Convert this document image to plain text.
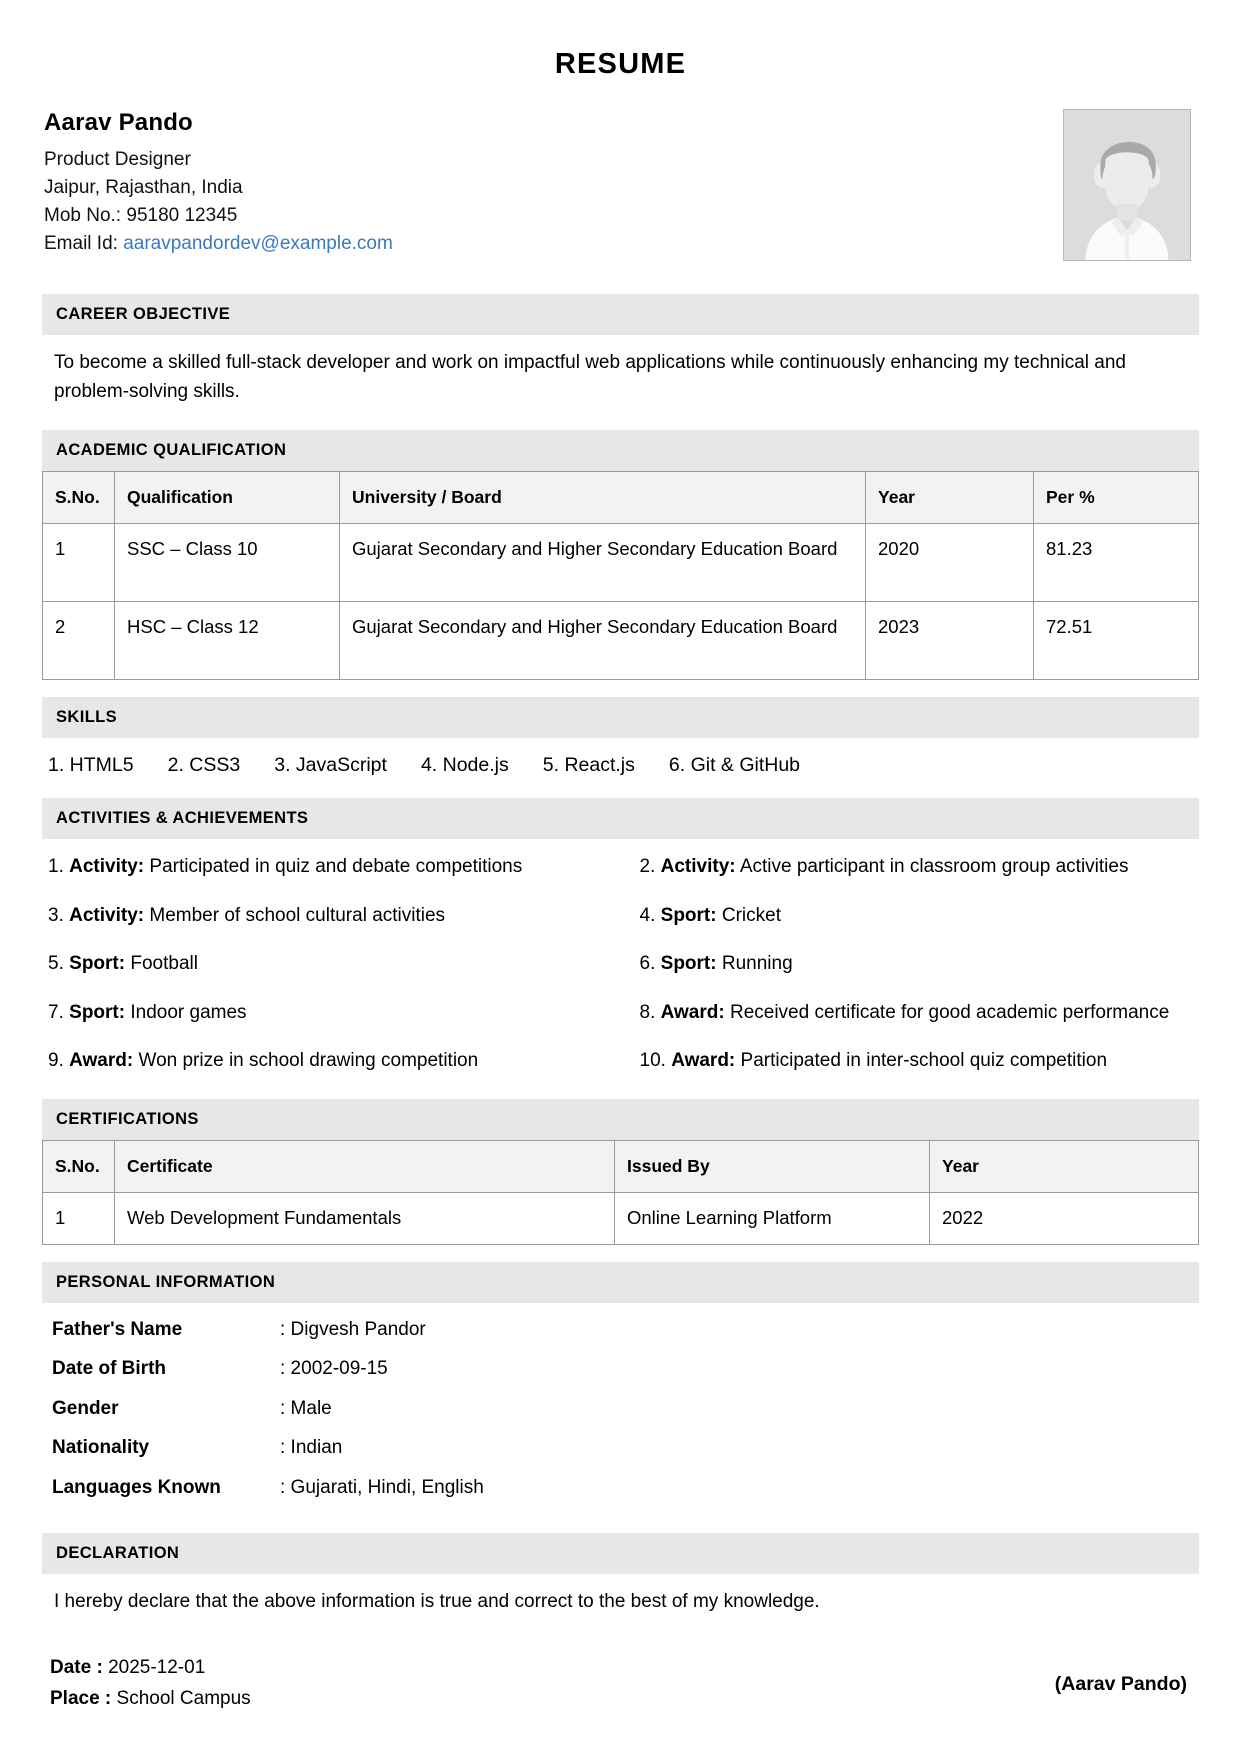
RESUME
Aarav Pando
Product Designer
Jaipur, Rajasthan, India
Mob No.: 95180 12345
Email Id: aaravpandordev@example.com
CAREER OBJECTIVE

To become a skilled full-stack developer and work on impactful web applications while continuously enhancing my technical and problem-solving skills.

ACADEMIC QUALIFICATION
S.No.	Qualification	University / Board	Year	Per %
1	SSC – Class 10	Gujarat Secondary and Higher Secondary Education Board	2020	81.23
2	HSC – Class 12	Gujarat Secondary and Higher Secondary Education Board	2023	72.51
SKILLS
1. HTML5 2. CSS3 3. JavaScript 4. Node.js 5. React.js 6. Git & GitHub
ACTIVITIES & ACHIEVEMENTS
1. Activity: Participated in quiz and debate competitions	2. Activity: Active participant in classroom group activities
3. Activity: Member of school cultural activities	4. Sport: Cricket
5. Sport: Football	6. Sport: Running
7. Sport: Indoor games	8. Award: Received certificate for good academic performance
9. Award: Won prize in school drawing competition	10. Award: Participated in inter-school quiz competition
CERTIFICATIONS
S.No.	Certificate	Issued By	Year
1	Web Development Fundamentals	Online Learning Platform	2022
PERSONAL INFORMATION
Father's Name	: Digvesh Pandor
Date of Birth	: 2002-09-15
Gender	: Male
Nationality	: Indian
Languages Known	: Gujarati, Hindi, English
DECLARATION

I hereby declare that the above information is true and correct to the best of my knowledge.

Date : 2025-12-01
Place : School Campus
(Aarav Pando)
